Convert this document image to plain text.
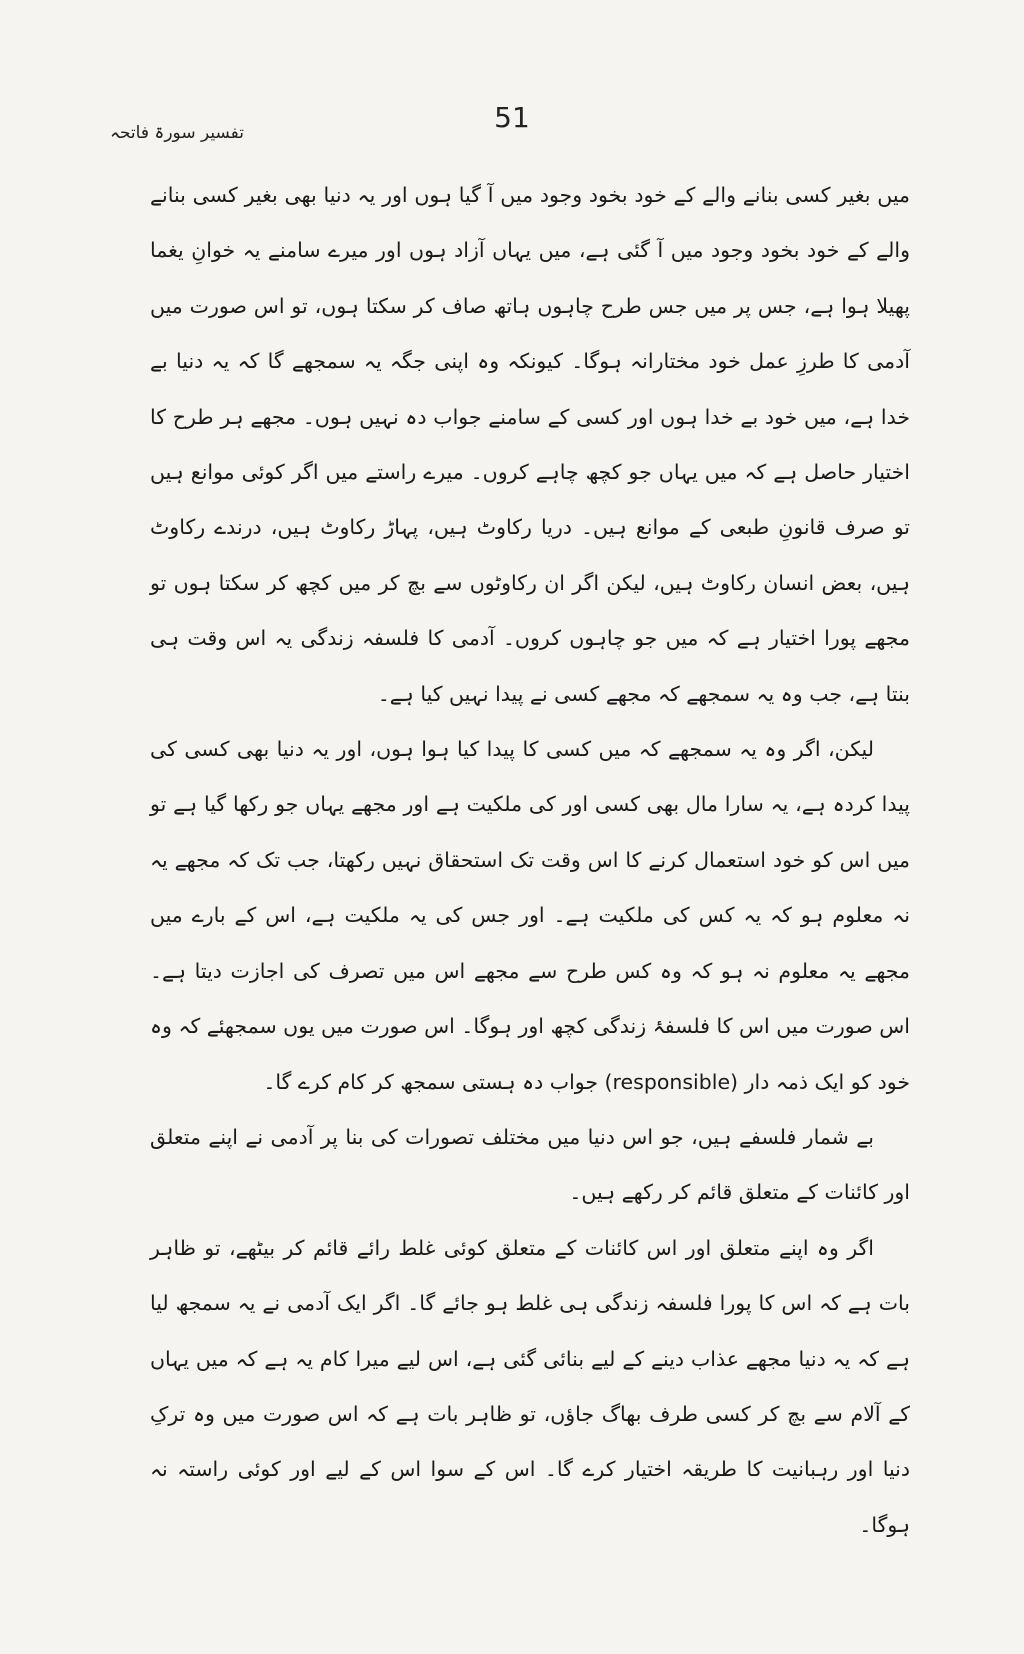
51
تفسیر سورۃ فاتحہ

میں بغیر کسی بنانے والے کے خود بخود وجود میں آ گیا ہوں اور یہ دنیا بھی بغیر کسی بنانے والے کے خود بخود وجود میں آ گئی ہے، میں یہاں آزاد ہوں اور میرے سامنے یہ خوانِ یغما پھیلا ہوا ہے، جس پر میں جس طرح چاہوں ہاتھ صاف کر سکتا ہوں، تو اس صورت میں آدمی کا طرزِ عمل خود مختارانہ ہوگا۔ کیونکہ وہ اپنی جگہ یہ سمجھے گا کہ یہ دنیا بے خدا ہے، میں خود بے خدا ہوں اور کسی کے سامنے جواب دہ نہیں ہوں۔ مجھے ہر طرح کا اختیار حاصل ہے کہ میں یہاں جو کچھ چاہے کروں۔ میرے راستے میں اگر کوئی موانع ہیں تو صرف قانونِ طبعی کے موانع ہیں۔ دریا رکاوٹ ہیں، پہاڑ رکاوٹ ہیں، درندے رکاوٹ ہیں، بعض انسان رکاوٹ ہیں، لیکن اگر ان رکاوٹوں سے بچ کر میں کچھ کر سکتا ہوں تو مجھے پورا اختیار ہے کہ میں جو چاہوں کروں۔ آدمی کا فلسفہ زندگی یہ اس وقت ہی بنتا ہے، جب وہ یہ سمجھے کہ مجھے کسی نے پیدا نہیں کیا ہے۔

لیکن، اگر وہ یہ سمجھے کہ میں کسی کا پیدا کیا ہوا ہوں، اور یہ دنیا بھی کسی کی پیدا کردہ ہے، یہ سارا مال بھی کسی اور کی ملکیت ہے اور مجھے یہاں جو رکھا گیا ہے تو میں اس کو خود استعمال کرنے کا اس وقت تک استحقاق نہیں رکھتا، جب تک کہ مجھے یہ نہ معلوم ہو کہ یہ کس کی ملکیت ہے۔ اور جس کی یہ ملکیت ہے، اس کے بارے میں مجھے یہ معلوم نہ ہو کہ وہ کس طرح سے مجھے اس میں تصرف کی اجازت دیتا ہے۔ اس صورت میں اس کا فلسفۂ زندگی کچھ اور ہوگا۔ اس صورت میں یوں سمجھئے کہ وہ خود کو ایک ذمہ دار (responsible) جواب دہ ہستی سمجھ کر کام کرے گا۔

بے شمار فلسفے ہیں، جو اس دنیا میں مختلف تصورات کی بنا پر آدمی نے اپنے متعلق اور کائنات کے متعلق قائم کر رکھے ہیں۔

اگر وہ اپنے متعلق اور اس کائنات کے متعلق کوئی غلط رائے قائم کر بیٹھے، تو ظاہر بات ہے کہ اس کا پورا فلسفہ زندگی ہی غلط ہو جائے گا۔ اگر ایک آدمی نے یہ سمجھ لیا ہے کہ یہ دنیا مجھے عذاب دینے کے لیے بنائی گئی ہے، اس لیے میرا کام یہ ہے کہ میں یہاں کے آلام سے بچ کر کسی طرف بھاگ جاؤں، تو ظاہر بات ہے کہ اس صورت میں وہ ترکِ دنیا اور رہبانیت کا طریقہ اختیار کرے گا۔ اس کے سوا اس کے لیے اور کوئی راستہ نہ ہوگا۔
